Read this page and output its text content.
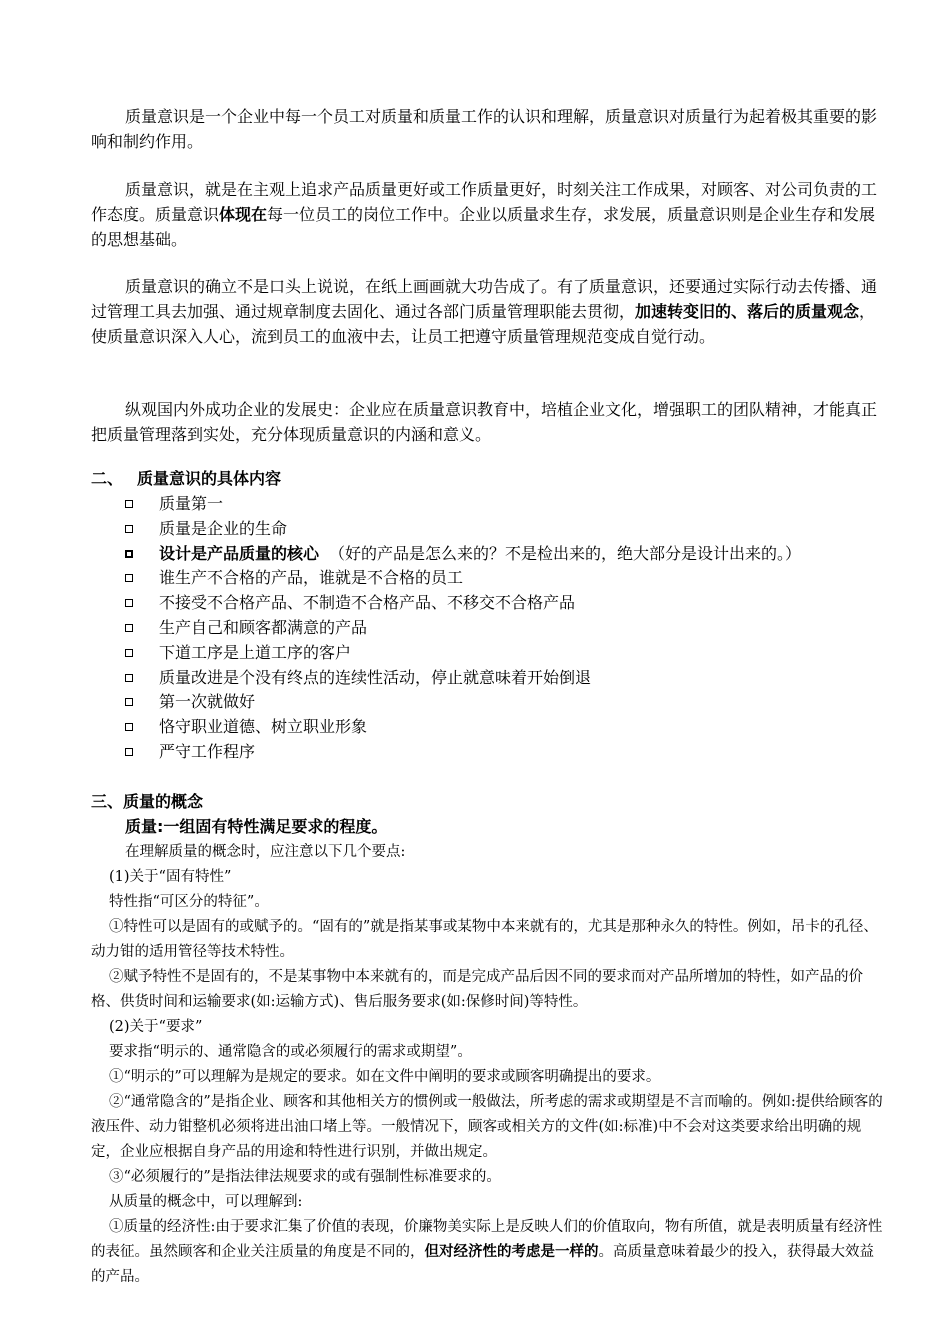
质量意识是一个企业中每一个员工对质量和质量工作的认识和理解，质量意识对质量行为起着极其重要的影响和制约作用。

质量意识，就是在主观上追求产品质量更好或工作质量更好，时刻关注工作成果，对顾客、对公司负责的工作态度。质量意识体现在每一位员工的岗位工作中。企业以质量求生存，求发展，质量意识则是企业生存和发展的思想基础。

质量意识的确立不是口头上说说，在纸上画画就大功告成了。有了质量意识，还要通过实际行动去传播、通过管理工具去加强、通过规章制度去固化、通过各部门质量管理职能去贯彻，加速转变旧的、落后的质量观念，使质量意识深入人心，流到员工的血液中去，让员工把遵守质量管理规范变成自觉行动。

纵观国内外成功企业的发展史：企业应在质量意识教育中，培植企业文化，增强职工的团队精神，才能真正把质量管理落到实处，充分体现质量意识的内涵和意义。

二、 质量意识的具体内容
质量第一
质量是企业的生命
设计是产品质量的核心 （好的产品是怎么来的？不是检出来的，绝大部分是设计出来的。）
谁生产不合格的产品，谁就是不合格的员工
不接受不合格产品、不制造不合格产品、不移交不合格产品
生产自己和顾客都满意的产品
下道工序是上道工序的客户
质量改进是个没有终点的连续性活动，停止就意味着开始倒退
第一次就做好
恪守职业道德、树立职业形象
严守工作程序
三、质量的概念
质量:一组固有特性满足要求的程度。
在理解质量的概念时，应注意以下几个要点:
(1)关于“固有特性”
特性指“可区分的特征”。
①特性可以是固有的或赋予的。“固有的”就是指某事或某物中本来就有的，尤其是那种永久的特性。例如，吊卡的孔径、动力钳的适用管径等技术特性。
②赋予特性不是固有的，不是某事物中本来就有的，而是完成产品后因不同的要求而对产品所增加的特性，如产品的价格、供货时间和运输要求(如:运输方式)、售后服务要求(如:保修时间)等特性。
(2)关于“要求”
要求指“明示的、通常隐含的或必须履行的需求或期望”。
①“明示的”可以理解为是规定的要求。如在文件中阐明的要求或顾客明确提出的要求。
②“通常隐含的”是指企业、顾客和其他相关方的惯例或一般做法，所考虑的需求或期望是不言而喻的。例如:提供给顾客的液压件、动力钳整机必须将进出油口堵上等。一般情况下，顾客或相关方的文件(如:标准)中不会对这类要求给出明确的规定，企业应根据自身产品的用途和特性进行识别，并做出规定。
③“必须履行的”是指法律法规要求的或有强制性标准要求的。
从质量的概念中，可以理解到:
①质量的经济性:由于要求汇集了价值的表现，价廉物美实际上是反映人们的价值取向，物有所值，就是表明质量有经济性的表征。虽然顾客和企业关注质量的角度是不同的，但对经济性的考虑是一样的。高质量意味着最少的投入，获得最大效益的产品。
